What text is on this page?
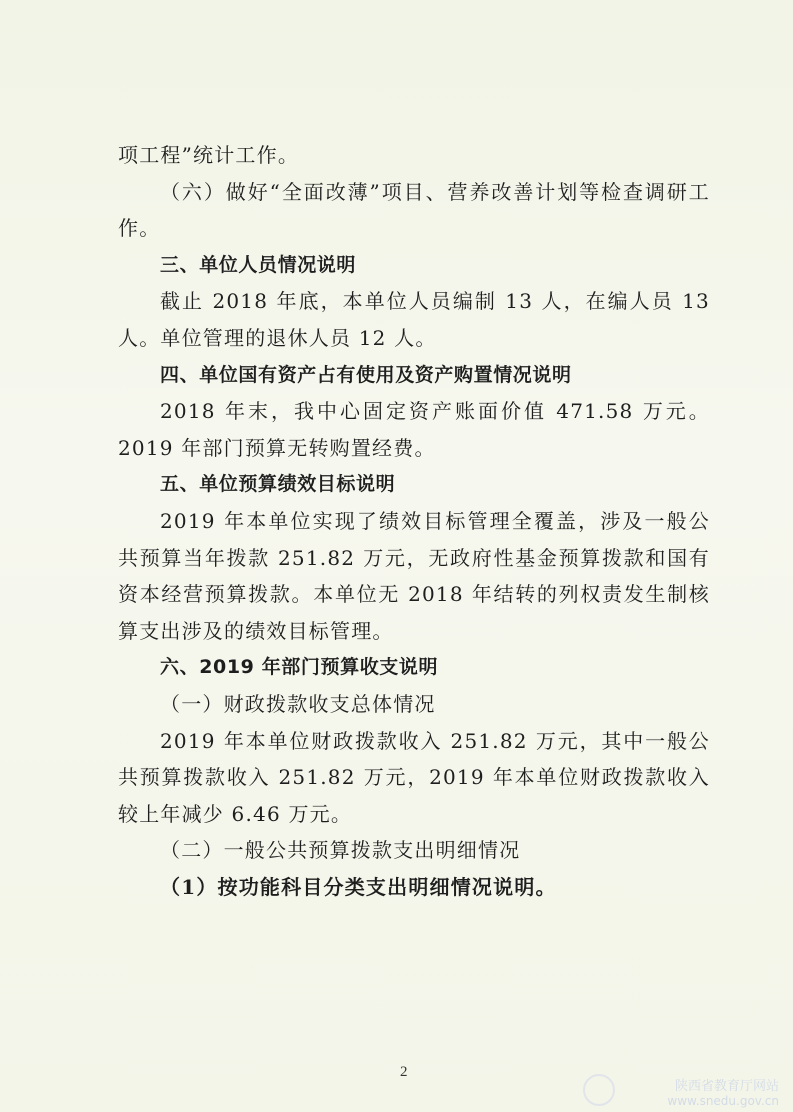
项工程”统计工作。

（六）做好“全面改薄”项目、营养改善计划等检查调研工作。

三、单位人员情况说明

截止 2018 年底，本单位人员编制 13 人，在编人员 13 人。单位管理的退休人员 12 人。

四、单位国有资产占有使用及资产购置情况说明

2018 年末，我中心固定资产账面价值 471.58 万元。2019 年部门预算无转购置经费。

五、单位预算绩效目标说明

2019 年本单位实现了绩效目标管理全覆盖，涉及一般公共预算当年拨款 251.82 万元，无政府性基金预算拨款和国有资本经营预算拨款。本单位无 2018 年结转的列权责发生制核算支出涉及的绩效目标管理。

六、2019 年部门预算收支说明

（一）财政拨款收支总体情况

2019 年本单位财政拨款收入 251.82 万元，其中一般公共预算拨款收入 251.82 万元，2019 年本单位财政拨款收入较上年减少 6.46 万元。

（二）一般公共预算拨款支出明细情况

（1）按功能科目分类支出明细情况说明。

2
陕西省教育厅网站
www.snedu.gov.cn
